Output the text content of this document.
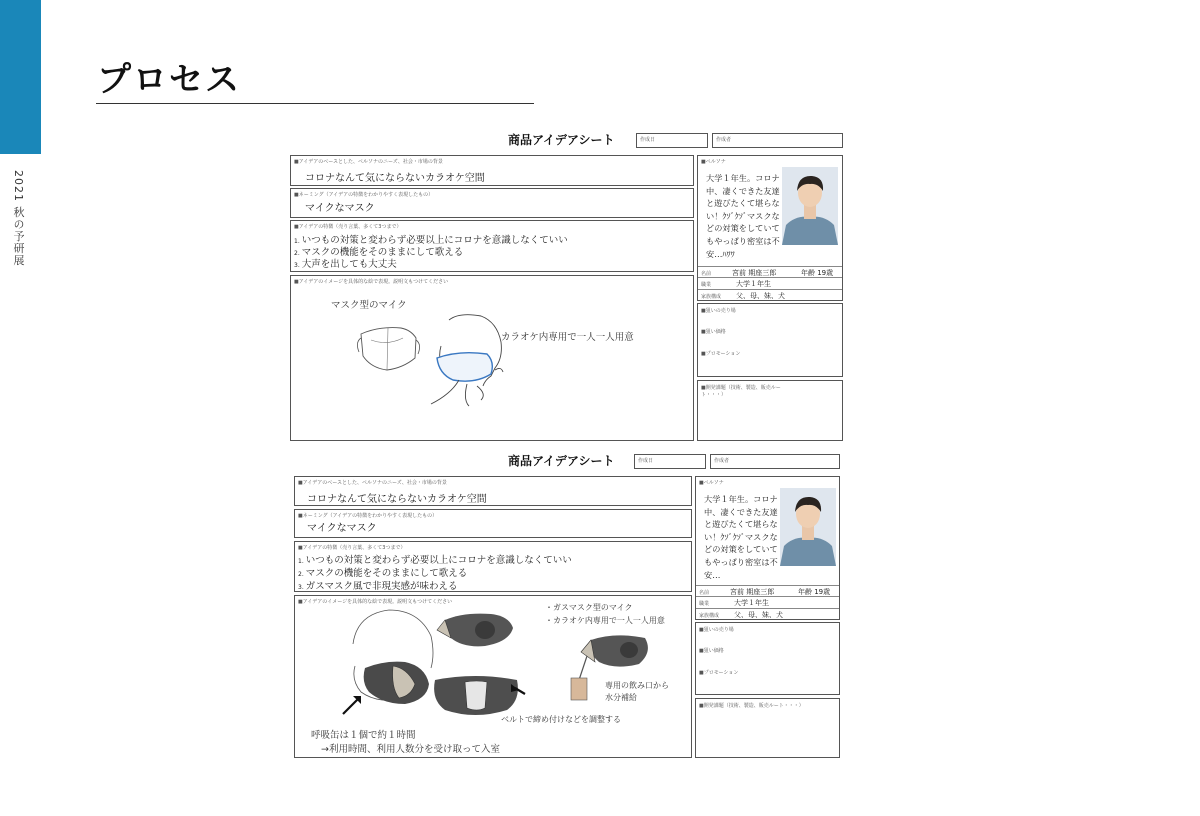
2021 秋の予研展
プロセス
商品アイデアシート	作成日	作成者
■アイデアのベースとした、ペルソナのニーズ、社会・市場の背景
コロナなんて気にならないカラオケ空間
■ネーミング（アイデアの特徴をわかりやすく表現したもの）
マイクなマスク
■アイデアの特徴（売り言葉、多くて3つまで）
1. いつもの対策と変わらず必要以上にコロナを意識しなくていい
2. マスクの機能をそのままにして歌える
3. 大声を出しても大丈夫
■アイデアのイメージを具体的な絵で表現。説明文もつけてください
マスク型のマイク
カラオケ内専用で一人一人用意
■ペルソナ
大学１年生。コロナ中、凄くできた友達と遊びたくて堪らない！ｸｿﾞｸｿﾞマスクなどの対策をしていてもやっぱり密室は不安…ﾊﾜﾜ
名前	宮前 期座三郎	年齢 19歳
職業	大学１年生
家族構成 父、母、妹、犬
■狙いの売り場
■狙い価格
■プロモーション
■開発課題（技術、製造、販売ルート・・・）
商品アイデアシート	作成日	作成者
■アイデアのベースとした、ペルソナのニーズ、社会・市場の背景
コロナなんて気にならないカラオケ空間
■ネーミング（アイデアの特徴をわかりやすく表現したもの）
マイクなマスク
■アイデアの特徴（売り言葉、多くて3つまで）
1. いつもの対策と変わらず必要以上にコロナを意識しなくていい
2. マスクの機能をそのままにして歌える
3. ガスマスク風で非現実感が味わえる
■アイデアのイメージを具体的な絵で表現。説明文もつけてください
・ガスマスク型のマイク
・カラオケ内専用で一人一人用意
専用の飲み口から
水分補給
ベルトで締め付けなどを調整する
呼吸缶は１個で約１時間
→利用時間、利用人数分を受け取って入室
■ペルソナ
大学１年生。コロナ中、凄くできた友達と遊びたくて堪らない！ｸｿﾞｸｿﾞマスクなどの対策をしていてもやっぱり密室は不安…
名前	宮前 期座三郎	年齢 19歳
職業	大学１年生
家族構成 父、母、妹、犬
■狙いの売り場
■狙い価格
■プロモーション
■開発課題（技術、製造、販売ルート・・・）
